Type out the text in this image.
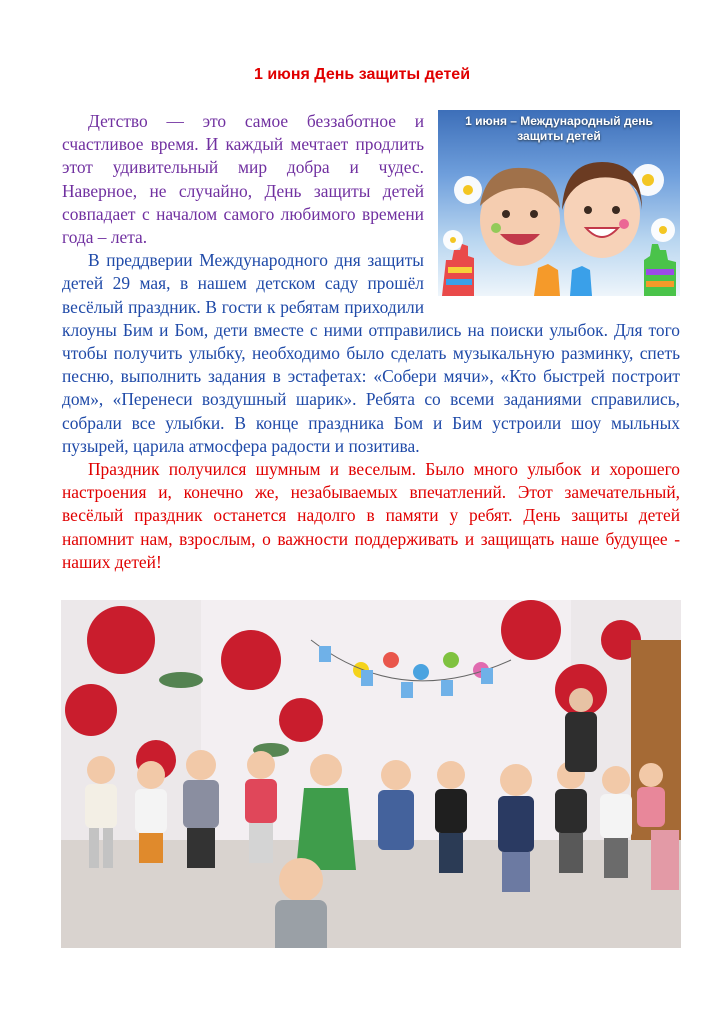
1 июня День защиты детей
1 июня – Международный день
защиты детей

Детство — это самое беззаботное и счастливое время. И каждый мечтает продлить этот удивительный мир добра и чудес. Наверное, не случайно, День защиты детей совпадает с началом самого любимого времени года – лета.

В преддверии Международного дня защиты детей 29 мая, в нашем детском саду прошёл весёлый праздник. В гости к ребятам приходили клоуны Бим и Бом, дети вместе с ними отправились на поиски улыбок. Для того чтобы получить улыбку, необходимо было сделать музыкальную разминку, спеть песню, выполнить задания в эстафетах: «Собери мячи», «Кто быстрей построит дом», «Перенеси воздушный шарик». Ребята со всеми заданиями справились, собрали все улыбки. В конце праздника Бом и Бим устроили шоу мыльных пузырей, царила атмосфера радости и позитива.

Праздник получился шумным и веселым. Было много улыбок и хорошего настроения и, конечно же, незабываемых впечатлений. Этот замечательный, весёлый праздник останется надолго в памяти у ребят. День защиты детей напомнит нам, взрослым, о важности поддерживать и защищать наше будущее - наших детей!
